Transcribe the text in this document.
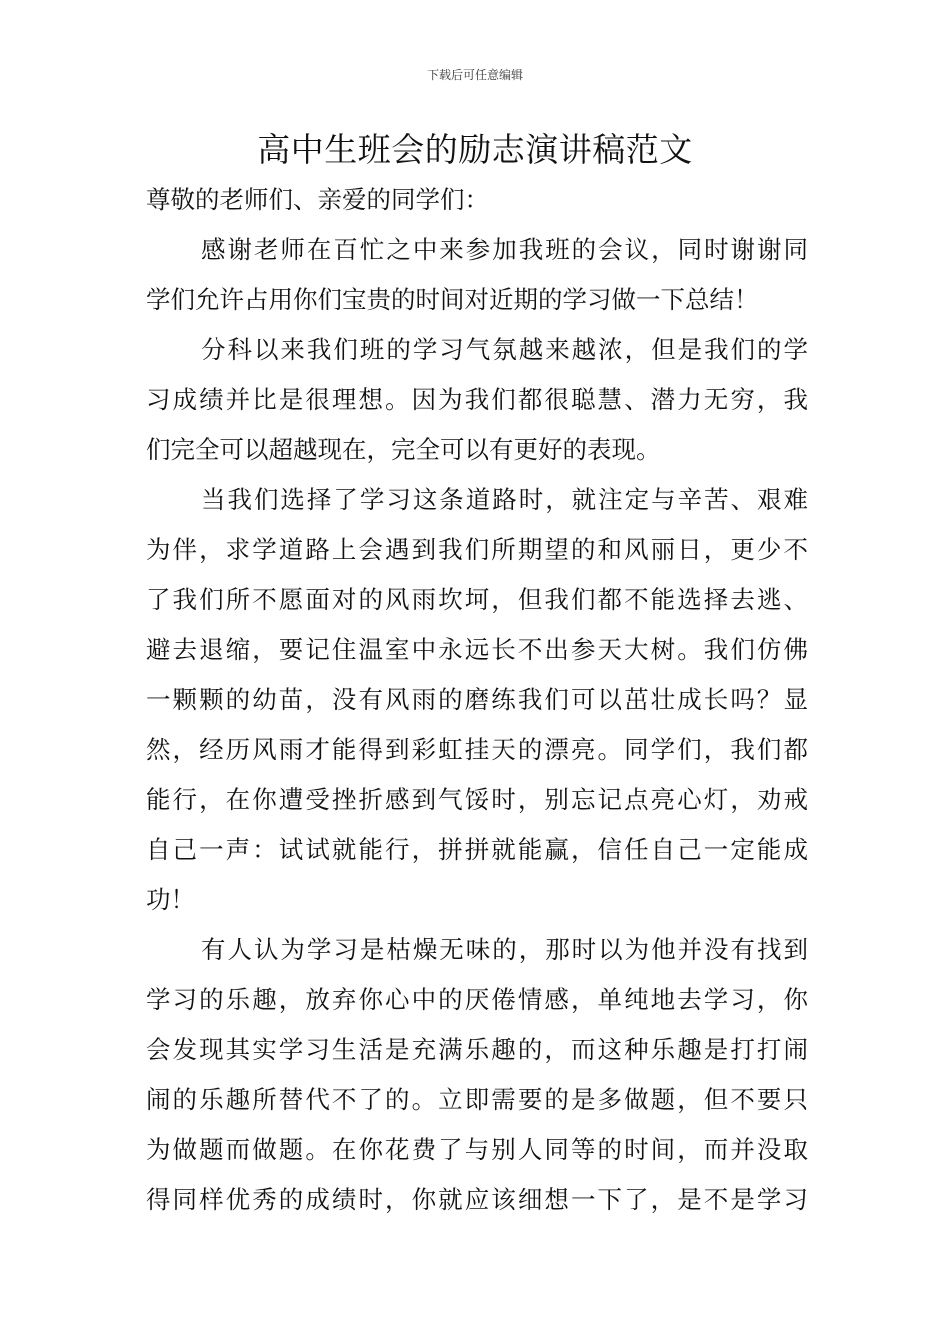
下载后可任意编辑
高中生班会的励志演讲稿范文
尊敬的老师们、亲爱的同学们：
感谢老师在百忙之中来参加我班的会议，同时谢谢同
学们允许占用你们宝贵的时间对近期的学习做一下总结！
分科以来我们班的学习气氛越来越浓，但是我们的学
习成绩并比是很理想。因为我们都很聪慧、潜力无穷，我
们完全可以超越现在，完全可以有更好的表现。
当我们选择了学习这条道路时，就注定与辛苦、艰难
为伴，求学道路上会遇到我们所期望的和风丽日，更少不
了我们所不愿面对的风雨坎坷，但我们都不能选择去逃、
避去退缩，要记住温室中永远长不出参天大树。我们仿佛
一颗颗的幼苗，没有风雨的磨练我们可以茁壮成长吗？显
然，经历风雨才能得到彩虹挂天的漂亮。同学们，我们都
能行，在你遭受挫折感到气馁时，别忘记点亮心灯，劝戒
自己一声：试试就能行，拼拼就能赢，信任自己一定能成
功！
有人认为学习是枯燥无味的，那时以为他并没有找到
学习的乐趣，放弃你心中的厌倦情感，单纯地去学习，你
会发现其实学习生活是充满乐趣的，而这种乐趣是打打闹
闹的乐趣所替代不了的。立即需要的是多做题，但不要只
为做题而做题。在你花费了与别人同等的时间，而并没取
得同样优秀的成绩时，你就应该细想一下了，是不是学习
